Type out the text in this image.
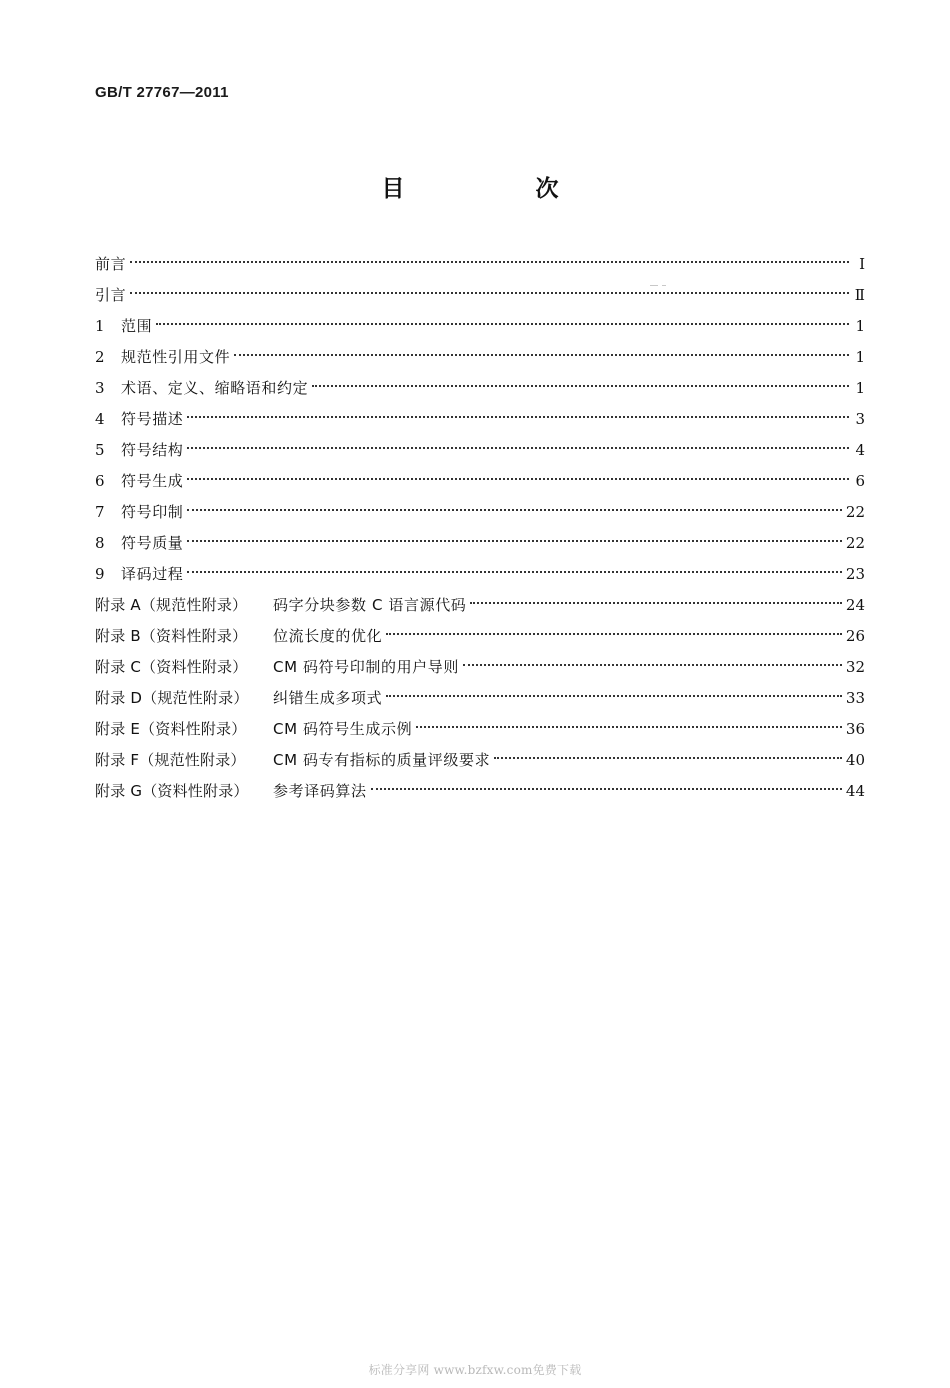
GB/T 27767—2011
目　次
前言	Ⅰ
引言	Ⅱ
1	范围	1
2	规范性引用文件	1
3	术语、定义、缩略语和约定	1
4	符号描述	3
5	符号结构	4
6	符号生成	6
7	符号印制	22
8	符号质量	22
9	译码过程	23
附录 A（规范性附录）	码字分块参数 C 语言源代码	24
附录 B（资料性附录）	位流长度的优化	26
附录 C（资料性附录）	CM 码符号印制的用户导则	32
附录 D（规范性附录）	纠错生成多项式	33
附录 E（资料性附录）	CM 码符号生成示例	36
附录 F（规范性附录）	CM 码专有指标的质量评级要求	40
附录 G（资料性附录）	参考译码算法	44
标准分享网 www.bzfxw.com免费下载
